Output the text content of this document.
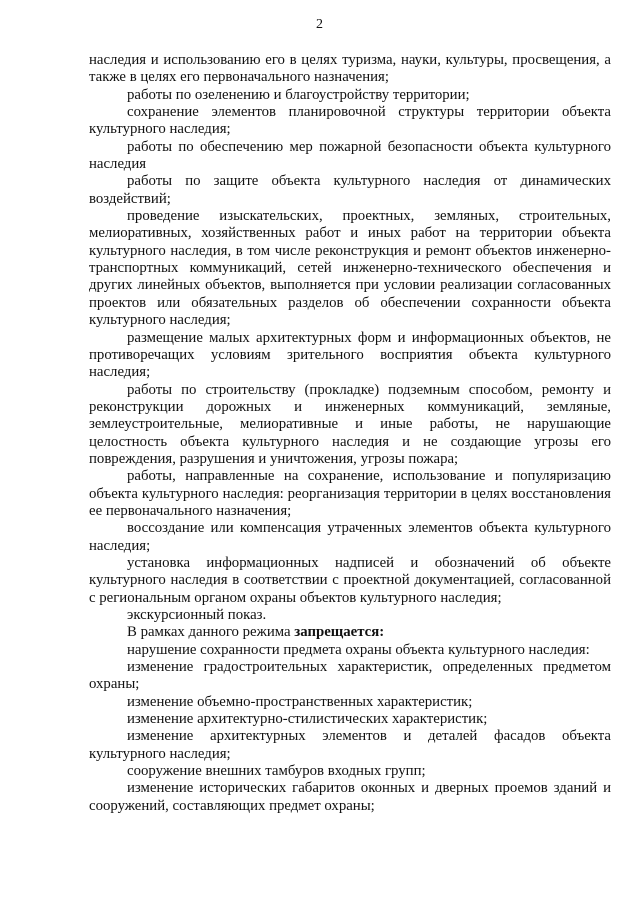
2

наследия и использованию его в целях туризма, науки, культуры, просвещения, а также в целях его первоначального назначения;

работы по озеленению и благоустройству территории;

сохранение элементов планировочной структуры территории объекта культурного наследия;

работы по обеспечению мер пожарной безопасности объекта культурного наследия

работы по защите объекта культурного наследия от динамических воздействий;

проведение изыскательских, проектных, земляных, строительных, мелиоративных, хозяйственных работ и иных работ на территории объекта культурного наследия, в том числе реконструкция и ремонт объектов инженерно-транспортных коммуникаций, сетей инженерно-технического обеспечения и других линейных объектов, выполняется при условии реализации согласованных проектов или обязательных разделов об обеспечении сохранности объекта культурного наследия;

размещение малых архитектурных форм и информационных объектов, не противоречащих условиям зрительного восприятия объекта культурного наследия;

работы по строительству (прокладке) подземным способом, ремонту и реконструкции дорожных и инженерных коммуникаций, земляные, землеустроительные, мелиоративные и иные работы, не нарушающие целостность объекта культурного наследия и не создающие угрозы его повреждения, разрушения и уничтожения, угрозы пожара;

работы, направленные на сохранение, использование и популяризацию объекта культурного наследия: реорганизация территории в целях восстановления ее первоначального назначения;

воссоздание или компенсация утраченных элементов объекта культурного наследия;

установка информационных надписей и обозначений об объекте культурного наследия в соответствии с проектной документацией, согласованной с региональным органом охраны объектов культурного наследия;

экскурсионный показ.

В рамках данного режима запрещается:

нарушение сохранности предмета охраны объекта культурного наследия:

изменение градостроительных характеристик, определенных предметом охраны;

изменение объемно-пространственных характеристик;

изменение архитектурно-стилистических характеристик;

изменение архитектурных элементов и деталей фасадов объекта культурного наследия;

сооружение внешних тамбуров входных групп;

изменение исторических габаритов оконных и дверных проемов зданий и сооружений, составляющих предмет охраны;
